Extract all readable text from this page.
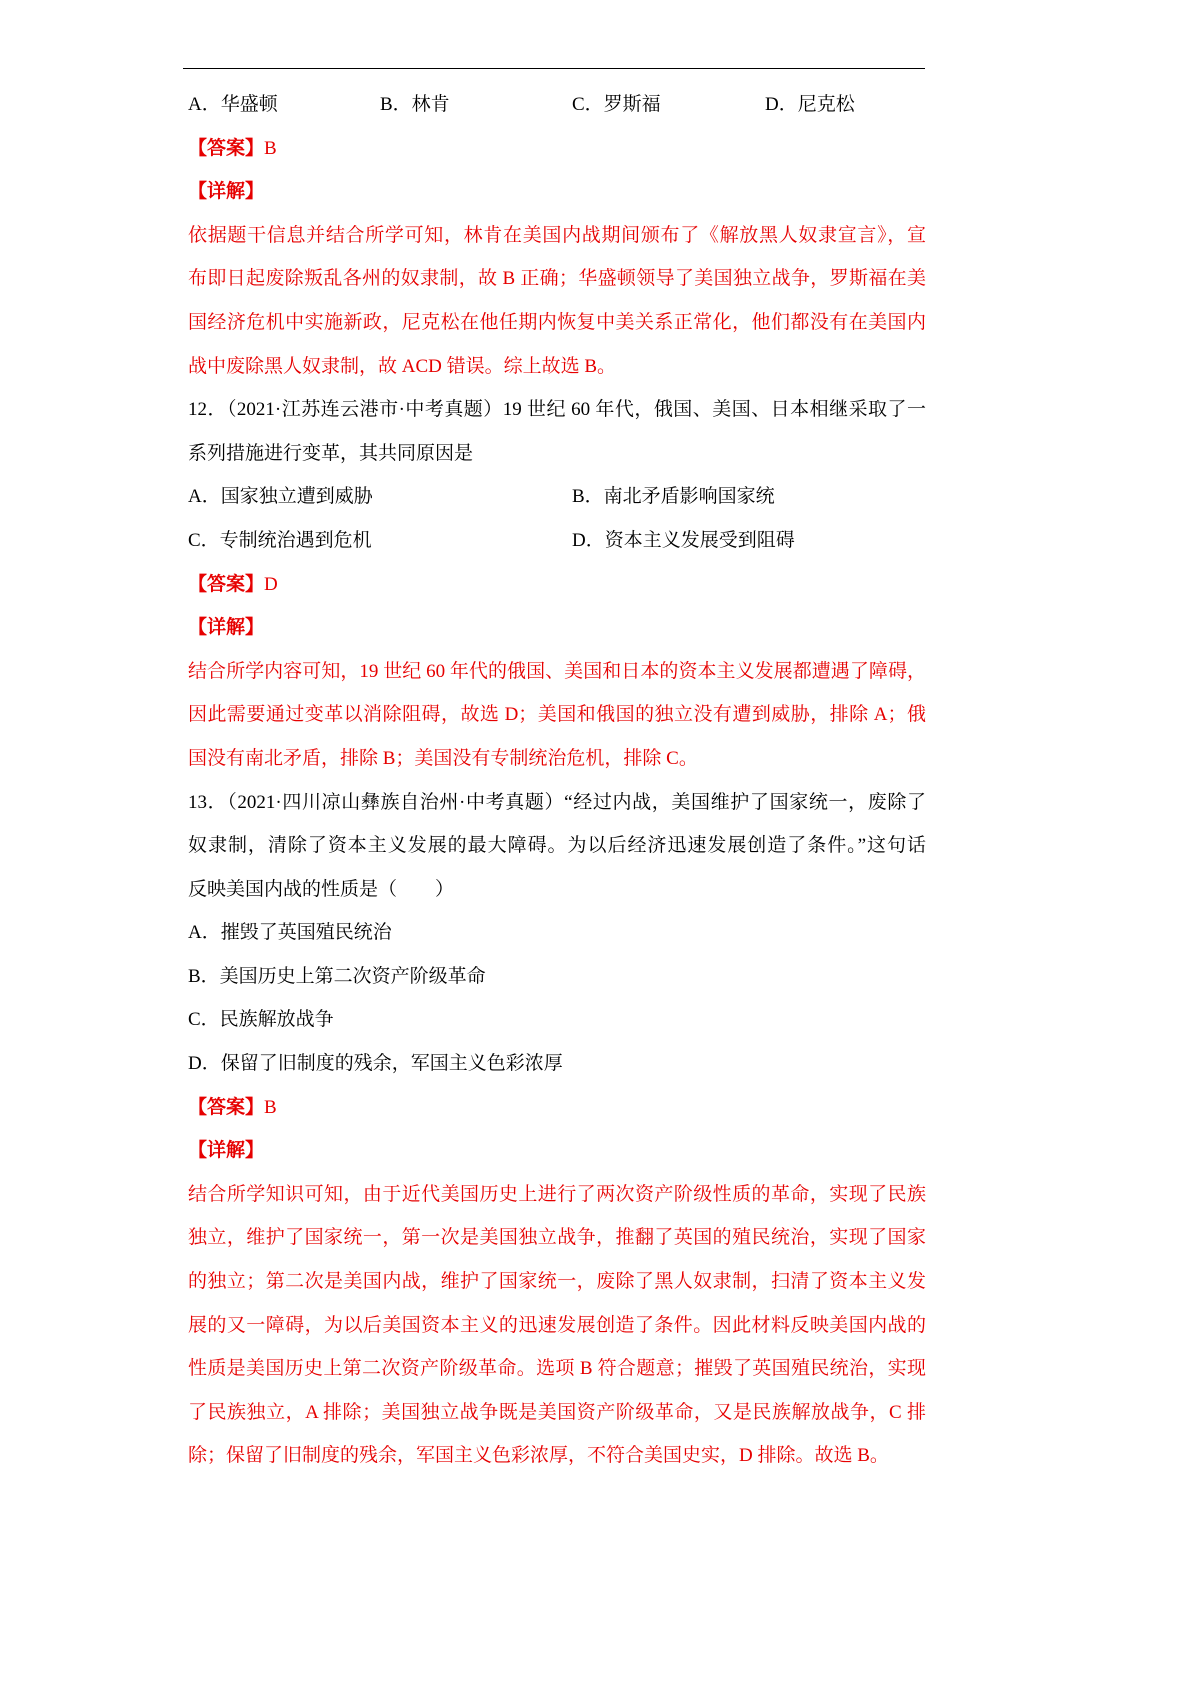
A．华盛顿	B．林肯	C．罗斯福	D．尼克松
【答案】B
【详解】
依据题干信息并结合所学可知，林肯在美国内战期间颁布了《解放黑人奴隶宣言》，宣
布即日起废除叛乱各州的奴隶制，故 B 正确；华盛顿领导了美国独立战争，罗斯福在美
国经济危机中实施新政，尼克松在他任期内恢复中美关系正常化，他们都没有在美国内
战中废除黑人奴隶制，故 ACD 错误。综上故选 B。
12．（2021·江苏连云港市·中考真题）19 世纪 60 年代，俄国、美国、日本相继采取了一
系列措施进行变革，其共同原因是
A．国家独立遭到威胁	B．南北矛盾影响国家统
C．专制统治遇到危机	D．资本主义发展受到阻碍
【答案】D
【详解】
结合所学内容可知，19 世纪 60 年代的俄国、美国和日本的资本主义发展都遭遇了障碍，
因此需要通过变革以消除阻碍，故选 D；美国和俄国的独立没有遭到威胁，排除 A；俄
国没有南北矛盾，排除 B；美国没有专制统治危机，排除 C。
13．（2021·四川凉山彝族自治州·中考真题）“经过内战，美国维护了国家统一，废除了
奴隶制，清除了资本主义发展的最大障碍。为以后经济迅速发展创造了条件。”这句话
反映美国内战的性质是（　　）
A．摧毁了英国殖民统治
B．美国历史上第二次资产阶级革命
C．民族解放战争
D．保留了旧制度的残余，军国主义色彩浓厚
【答案】B
【详解】
结合所学知识可知，由于近代美国历史上进行了两次资产阶级性质的革命，实现了民族
独立，维护了国家统一，第一次是美国独立战争，推翻了英国的殖民统治，实现了国家
的独立；第二次是美国内战，维护了国家统一，废除了黑人奴隶制，扫清了资本主义发
展的又一障碍，为以后美国资本主义的迅速发展创造了条件。因此材料反映美国内战的
性质是美国历史上第二次资产阶级革命。选项 B 符合题意；摧毁了英国殖民统治，实现
了民族独立，A 排除；美国独立战争既是美国资产阶级革命，又是民族解放战争，C 排
除；保留了旧制度的残余，军国主义色彩浓厚，不符合美国史实，D 排除。故选 B。
